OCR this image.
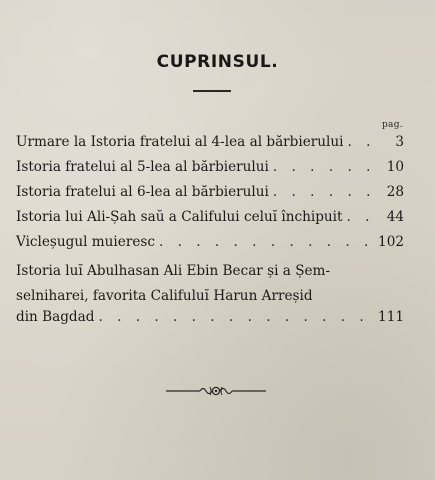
CUPRINSUL.
pag.
Urmare la Istoria fratelui al 4-lea al bărbierului . . .	3
Istoria fratelui al 5-lea al bărbierului . . .	10
Istoria fratelui al 6-lea al bărbierului . . .	28
Istoria lui Ali-Șah saŭ a Califului celuĭ închipuit . . .	44
Vicleșugul muieresc . . .	102
Istoria luĭ Abulhasan Ali Ebin Becar și a Șem-
selniharei, favorita Califuluĭ Harun Arreșid
din Bagdad . . .	111
